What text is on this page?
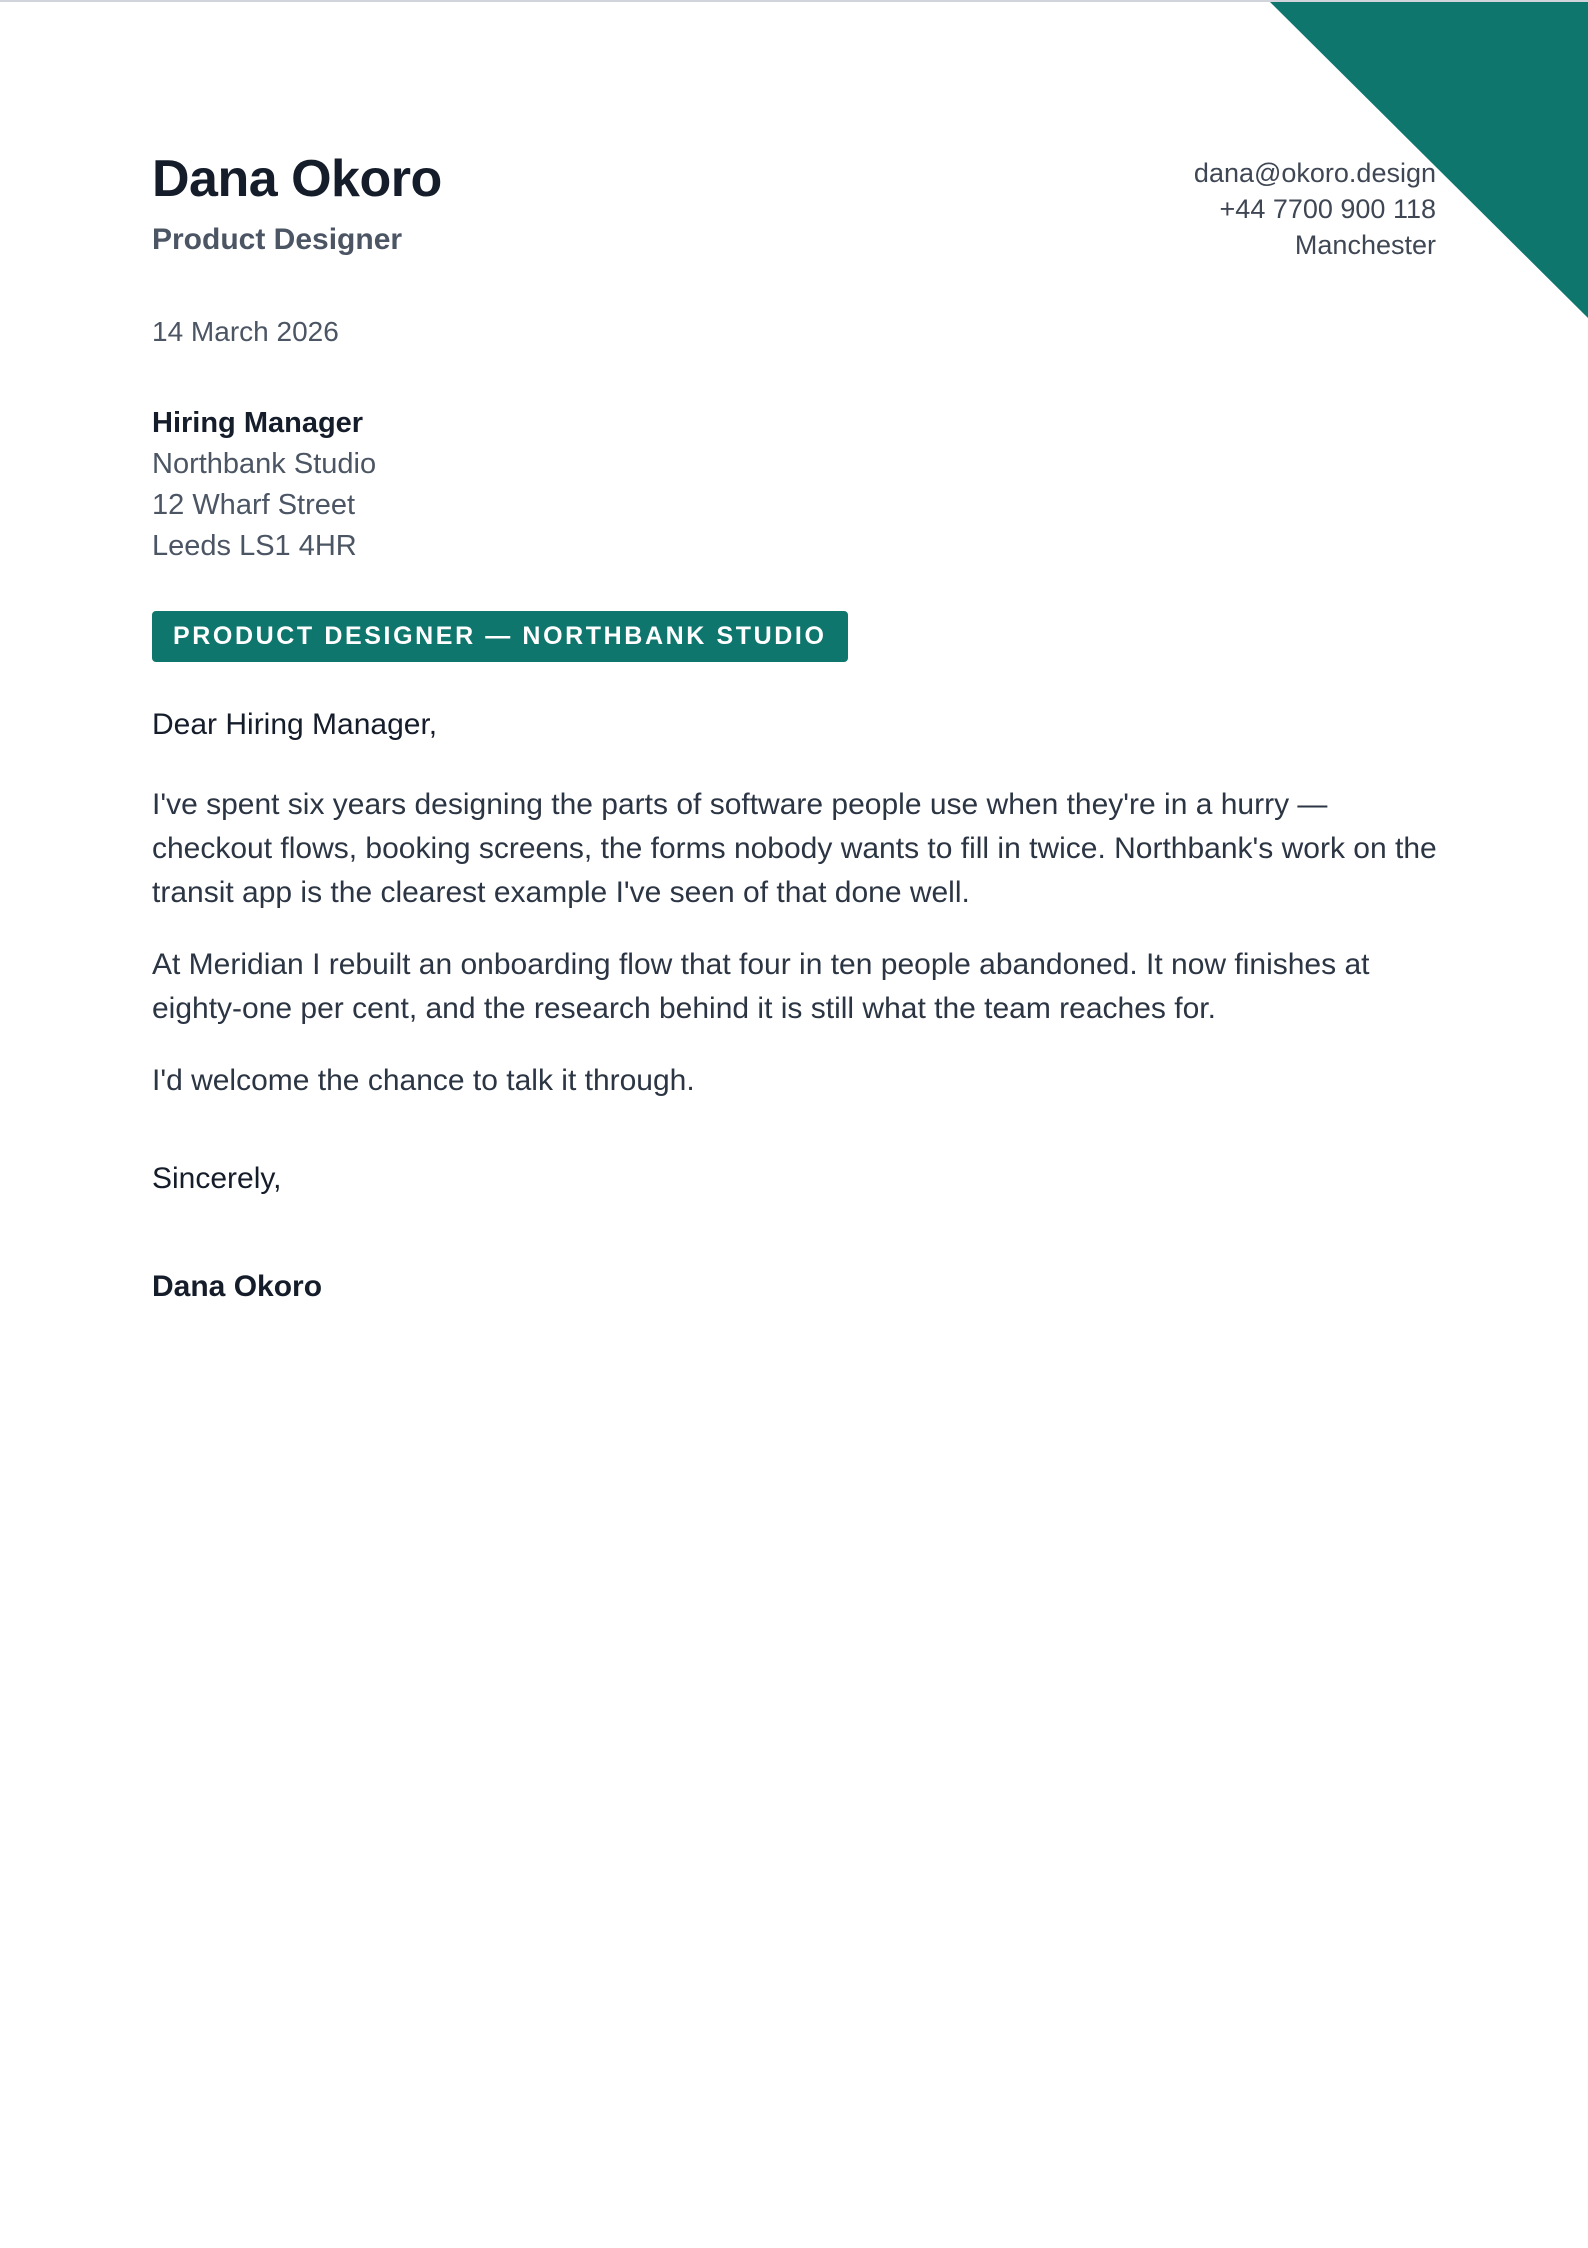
Dana Okoro
Product Designer
dana@okoro.design
+44 7700 900 118
Manchester
14 March 2026
Hiring Manager
Northbank Studio
12 Wharf Street
Leeds LS1 4HR
PRODUCT DESIGNER — NORTHBANK STUDIO
Dear Hiring Manager,

I've spent six years designing the parts of software people use when they're in a hurry — checkout flows, booking screens, the forms nobody wants to fill in twice. Northbank's work on the transit app is the clearest example I've seen of that done well.

At Meridian I rebuilt an onboarding flow that four in ten people abandoned. It now finishes at eighty-one per cent, and the research behind it is still what the team reaches for.

I'd welcome the chance to talk it through.

Sincerely,
Dana Okoro
